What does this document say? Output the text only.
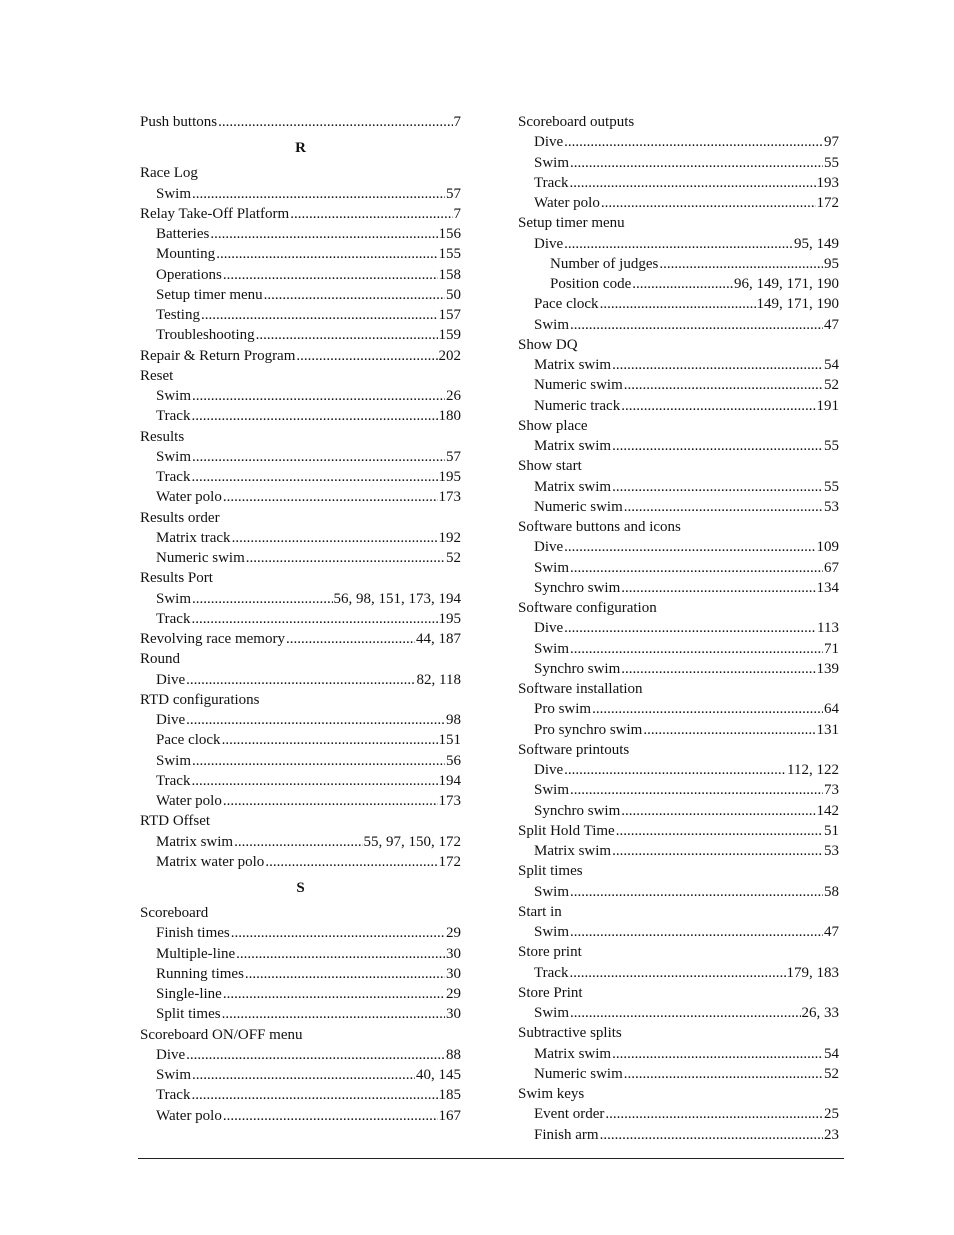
Push buttons .....	7
R
Race Log
Swim .....	57
Relay Take-Off Platform .....	7
Batteries .....	156
Mounting .....	155
Operations .....	158
Setup timer menu .....	50
Testing .....	157
Troubleshooting .....	159
Repair & Return Program .....	202
Reset
Swim .....	26
Track .....	180
Results
Swim .....	57
Track .....	195
Water polo .....	173
Results order
Matrix track .....	192
Numeric swim .....	52
Results Port
Swim .....	56, 98, 151, 173, 194
Track .....	195
Revolving race memory .....	44, 187
Round
Dive .....	82, 118
RTD configurations
Dive .....	98
Pace clock .....	151
Swim .....	56
Track .....	194
Water polo .....	173
RTD Offset
Matrix swim .....	55, 97, 150, 172
Matrix water polo .....	172
S
Scoreboard
Finish times .....	29
Multiple-line .....	30
Running times .....	30
Single-line .....	29
Split times .....	30
Scoreboard ON/OFF menu
Dive .....	88
Swim .....	40, 145
Track .....	185
Water polo .....	167
Scoreboard outputs
Dive .....	97
Swim .....	55
Track .....	193
Water polo .....	172
Setup timer menu
Dive .....	95, 149
Number of judges .....	95
Position code .....	96, 149, 171, 190
Pace clock .....	149, 171, 190
Swim .....	47
Show DQ
Matrix swim .....	54
Numeric swim .....	52
Numeric track .....	191
Show place
Matrix swim .....	55
Show start
Matrix swim .....	55
Numeric swim .....	53
Software buttons and icons
Dive .....	109
Swim .....	67
Synchro swim .....	134
Software configuration
Dive .....	113
Swim .....	71
Synchro swim .....	139
Software installation
Pro swim .....	64
Pro synchro swim .....	131
Software printouts
Dive .....	112, 122
Swim .....	73
Synchro swim .....	142
Split Hold Time .....	51
Matrix swim .....	53
Split times
Swim .....	58
Start in
Swim .....	47
Store print
Track .....	179, 183
Store Print
Swim .....	26, 33
Subtractive splits
Matrix swim .....	54
Numeric swim .....	52
Swim keys
Event order .....	25
Finish arm .....	23
